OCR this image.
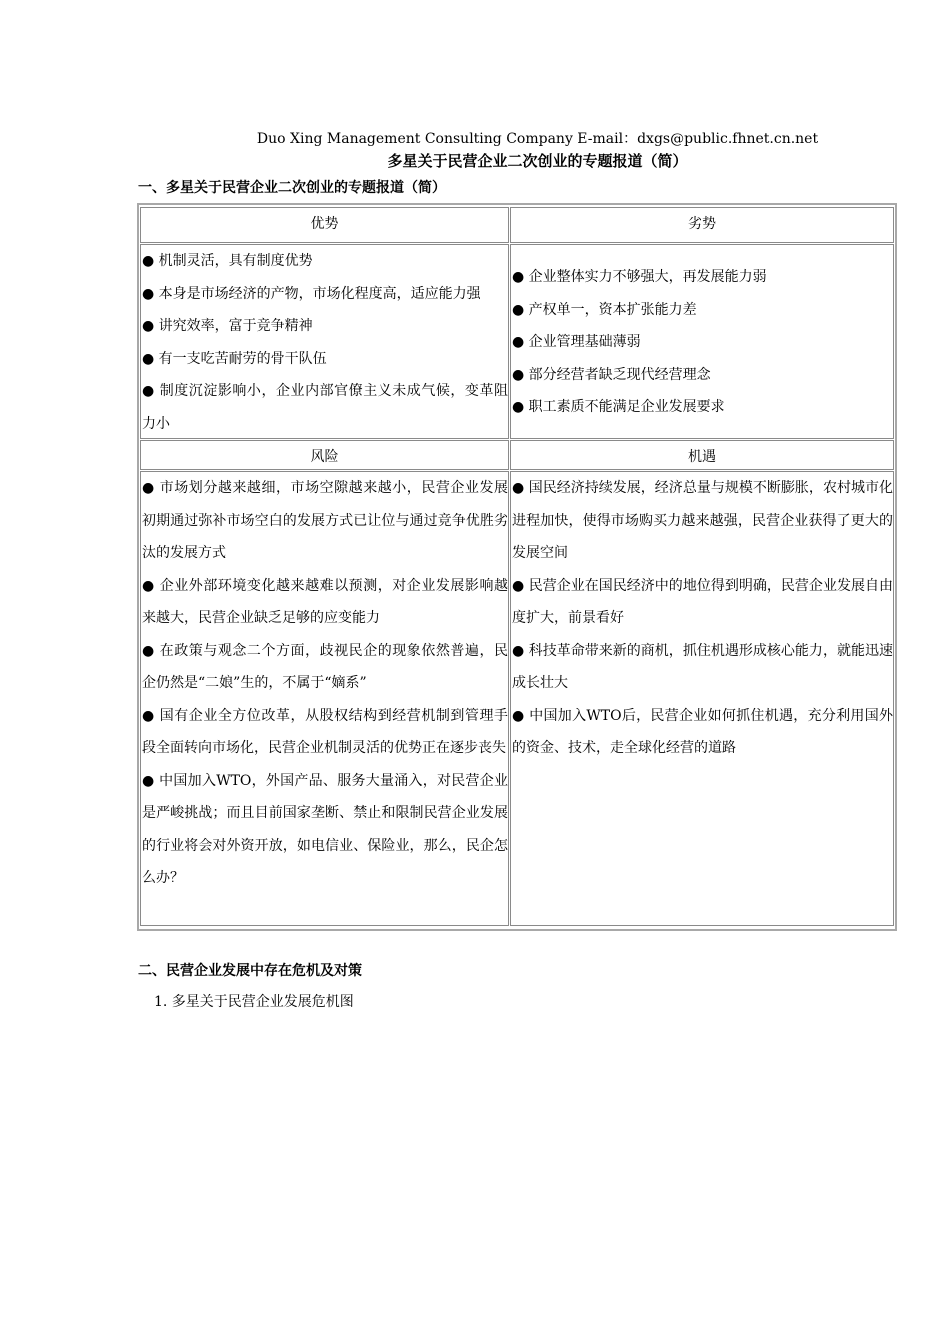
Duo Xing Management Consulting Company E-mail：dxgs@public.fhnet.cn.net
多星关于民营企业二次创业的专题报道（简）
一、多星关于民营企业二次创业的专题报道（简）
优势	劣势

● 机制灵活，具有制度优势

● 本身是市场经济的产物，市场化程度高，适应能力强

● 讲究效率，富于竞争精神

● 有一支吃苦耐劳的骨干队伍

● 制度沉淀影响小，企业内部官僚主义未成气候，变革阻力小

● 企业整体实力不够强大，再发展能力弱

● 产权单一，资本扩张能力差

● 企业管理基础薄弱

● 部分经营者缺乏现代经营理念

● 职工素质不能满足企业发展要求

风险	机遇

● 市场划分越来越细，市场空隙越来越小，民营企业发展初期通过弥补市场空白的发展方式已让位与通过竞争优胜劣汰的发展方式

● 企业外部环境变化越来越难以预测，对企业发展影响越来越大，民营企业缺乏足够的应变能力

● 在政策与观念二个方面，歧视民企的现象依然普遍，民企仍然是“二娘”生的，不属于“嫡系”

● 国有企业全方位改革，从股权结构到经营机制到管理手段全面转向市场化，民营企业机制灵活的优势正在逐步丧失

● 中国加入WTO，外国产品、服务大量涌入，对民营企业是严峻挑战；而且目前国家垄断、禁止和限制民营企业发展的行业将会对外资开放，如电信业、保险业，那么，民企怎么办？

● 国民经济持续发展，经济总量与规模不断膨胀，农村城市化进程加快，使得市场购买力越来越强，民营企业获得了更大的发展空间

● 民营企业在国民经济中的地位得到明确，民营企业发展自由度扩大，前景看好

● 科技革命带来新的商机，抓住机遇形成核心能力，就能迅速成长壮大

● 中国加入WTO后，民营企业如何抓住机遇，充分利用国外的资金、技术，走全球化经营的道路

二、民营企业发展中存在危机及对策
1. 多星关于民营企业发展危机图
